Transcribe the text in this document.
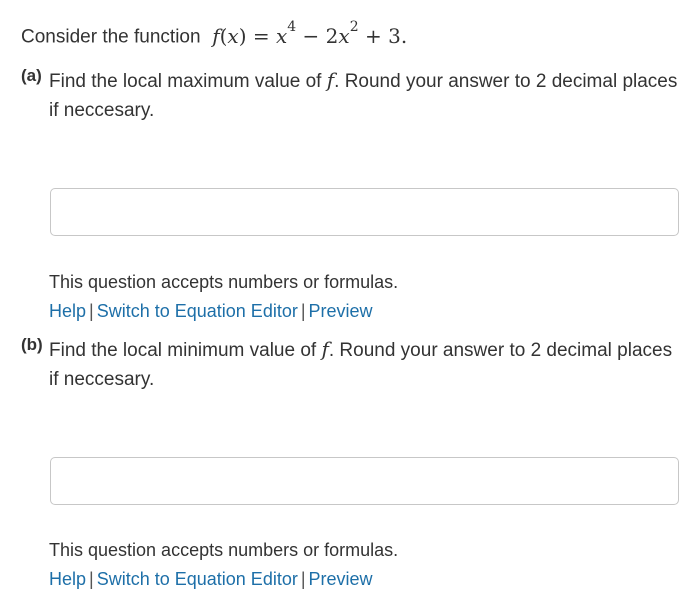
Consider the function $f(x) = x^4 - 2x^2 + 3$.
(a) Find the local maximum value of f. Round your answer to 2 decimal places if neccesary.
This question accepts numbers or formulas.
Help | Switch to Equation Editor | Preview
(b) Find the local minimum value of f. Round your answer to 2 decimal places if neccesary.
This question accepts numbers or formulas.
Help | Switch to Equation Editor | Preview
